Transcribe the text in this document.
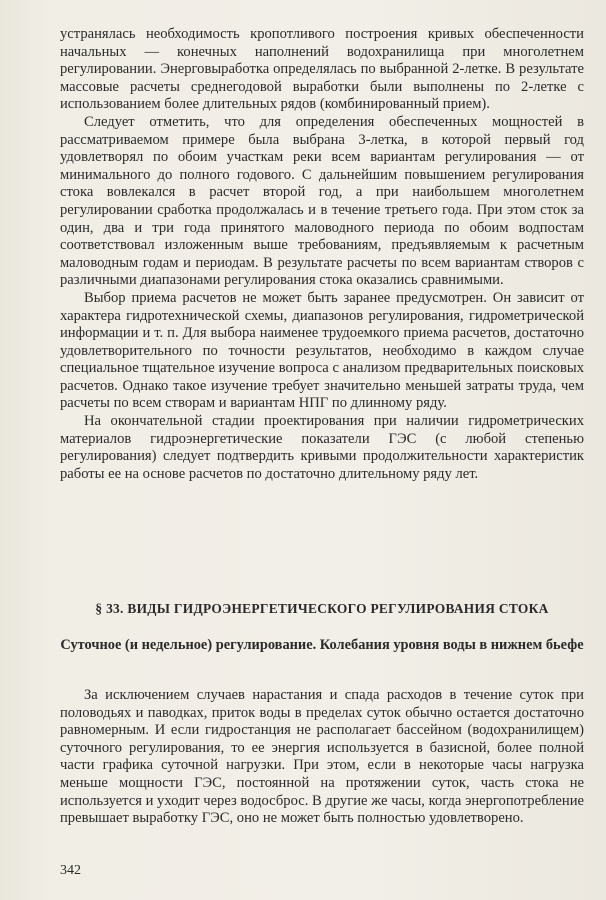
устранялась необходимость кропотливого построения кривых обеспеченности начальных — конечных наполнений водохранилища при многолетнем регулировании. Энерговыработка определялась по выбранной 2-летке. В результате массовые расчеты среднегодовой выработки были выполнены по 2-летке с использованием более длительных рядов (комбинированный прием).

Следует отметить, что для определения обеспеченных мощностей в рассматриваемом примере была выбрана 3-летка, в которой первый год удовлетворял по обоим участкам реки всем вариантам регулирования — от минимального до полного годового. С дальнейшим повышением регулирования стока вовлекался в расчет второй год, а при наибольшем многолетнем регулировании сработка продолжалась и в течение третьего года. При этом сток за один, два и три года принятого маловодного периода по обоим водпостам соответствовал изложенным выше требованиям, предъявляемым к расчетным маловодным годам и периодам. В результате расчеты по всем вариантам створов с различными диапазонами регулирования стока оказались сравнимыми.

Выбор приема расчетов не может быть заранее предусмотрен. Он зависит от характера гидротехнической схемы, диапазонов регулирования, гидрометрической информации и т. п. Для выбора наименее трудоемкого приема расчетов, достаточно удовлетворительного по точности результатов, необходимо в каждом случае специальное тщательное изучение вопроса с анализом предварительных поисковых расчетов. Однако такое изучение требует значительно меньшей затраты труда, чем расчеты по всем створам и вариантам НПГ по длинному ряду.

На окончательной стадии проектирования при наличии гидрометрических материалов гидроэнергетические показатели ГЭС (с любой степенью регулирования) следует подтвердить кривыми продолжительности характеристик работы ее на основе расчетов по достаточно длительному ряду лет.

§ 33. ВИДЫ ГИДРОЭНЕРГЕТИЧЕСКОГО РЕГУЛИРОВАНИЯ СТОКА
Суточное (и недельное) регулирование. Колебания уровня воды в нижнем бьефе

За исключением случаев нарастания и спада расходов в течение суток при половодьях и паводках, приток воды в пределах суток обычно остается достаточно равномерным. И если гидростанция не располагает бассейном (водохранилищем) суточного регулирования, то ее энергия используется в базисной, более полной части графика суточной нагрузки. При этом, если в некоторые часы нагрузка меньше мощности ГЭС, постоянной на протяжении суток, часть стока не используется и уходит через водосброс. В другие же часы, когда энергопотребление превышает выработку ГЭС, оно не может быть полностью удовлетворено.

342
